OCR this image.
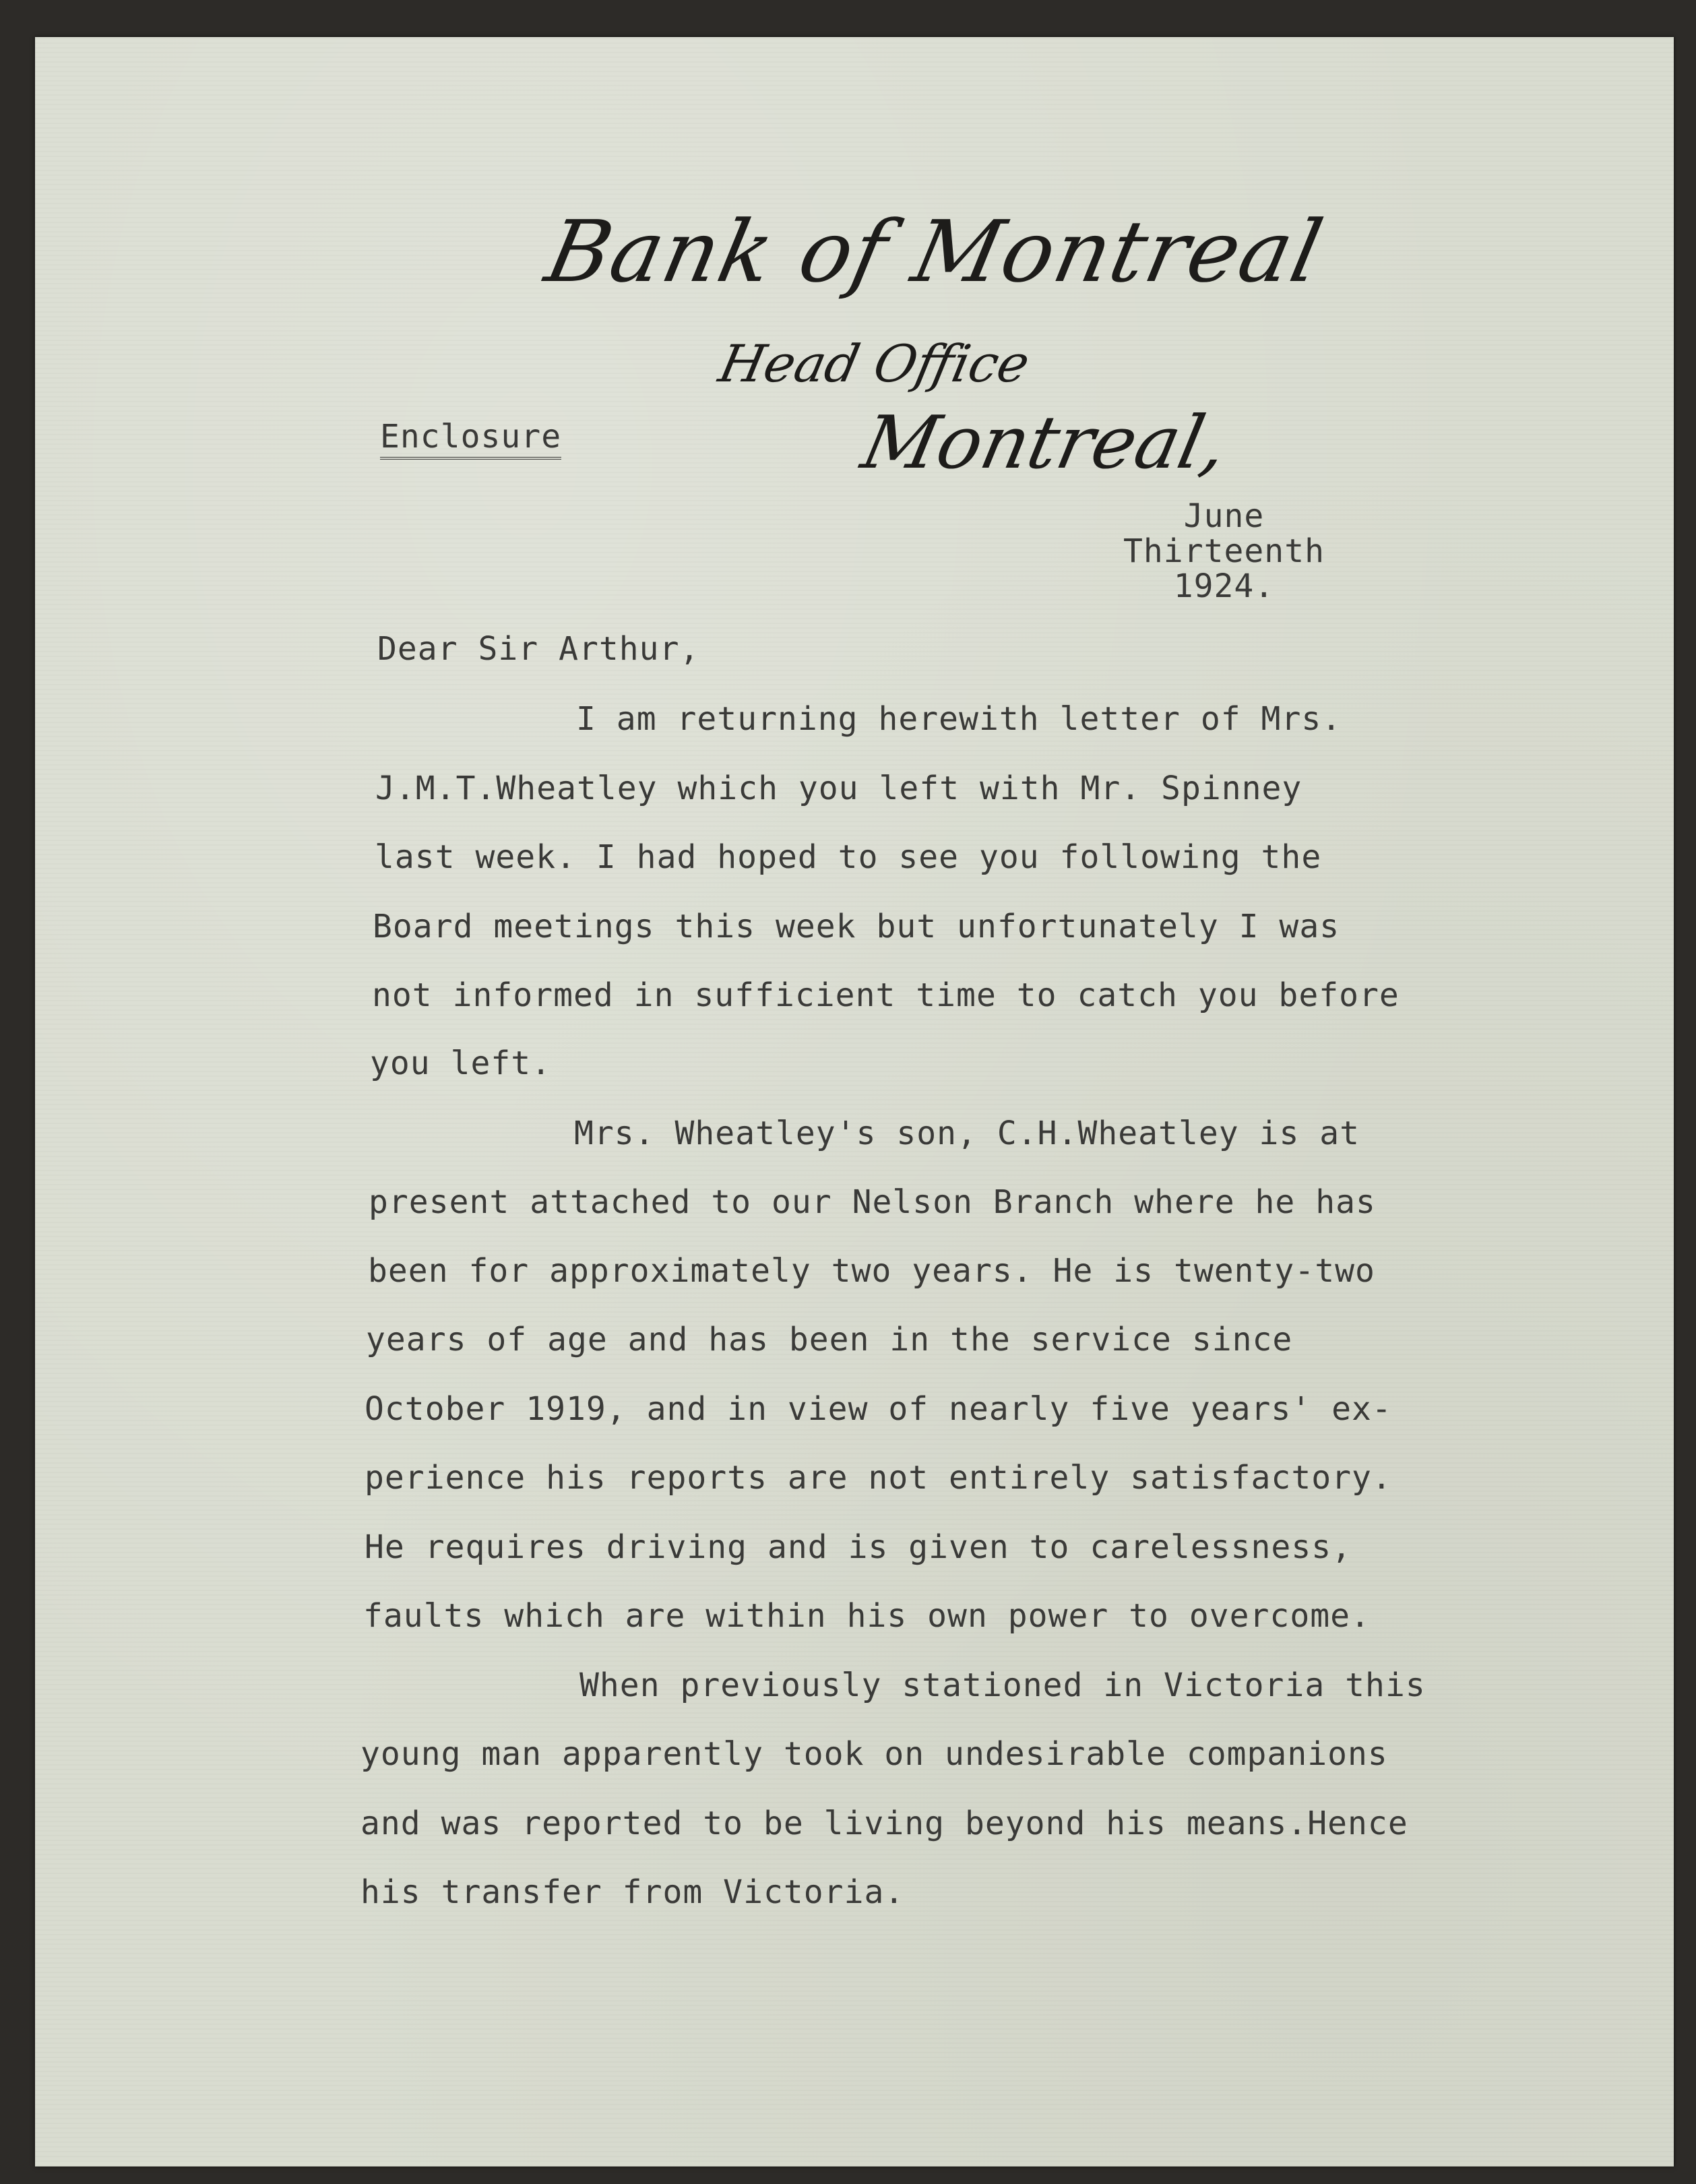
Bank of Montreal
Head Office
Montreal,
Enclosure
June
Thirteenth
1924.
Dear Sir Arthur,
I am returning herewith letter of Mrs.
J.M.T.Wheatley which you left with Mr. Spinney
last week. I had hoped to see you following the
Board meetings this week but unfortunately I was
not informed in sufficient time to catch you before
you left.
Mrs. Wheatley's son, C.H.Wheatley is at
present attached to our Nelson Branch where he has
been for approximately two years. He is twenty-two
years of age and has been in the service since
October 1919, and in view of nearly five years' ex-
perience his reports are not entirely satisfactory.
He requires driving and is given to carelessness,
faults which are within his own power to overcome.
When previously stationed in Victoria this
young man apparently took on undesirable companions
and was reported to be living beyond his means.Hence
his transfer from Victoria.
